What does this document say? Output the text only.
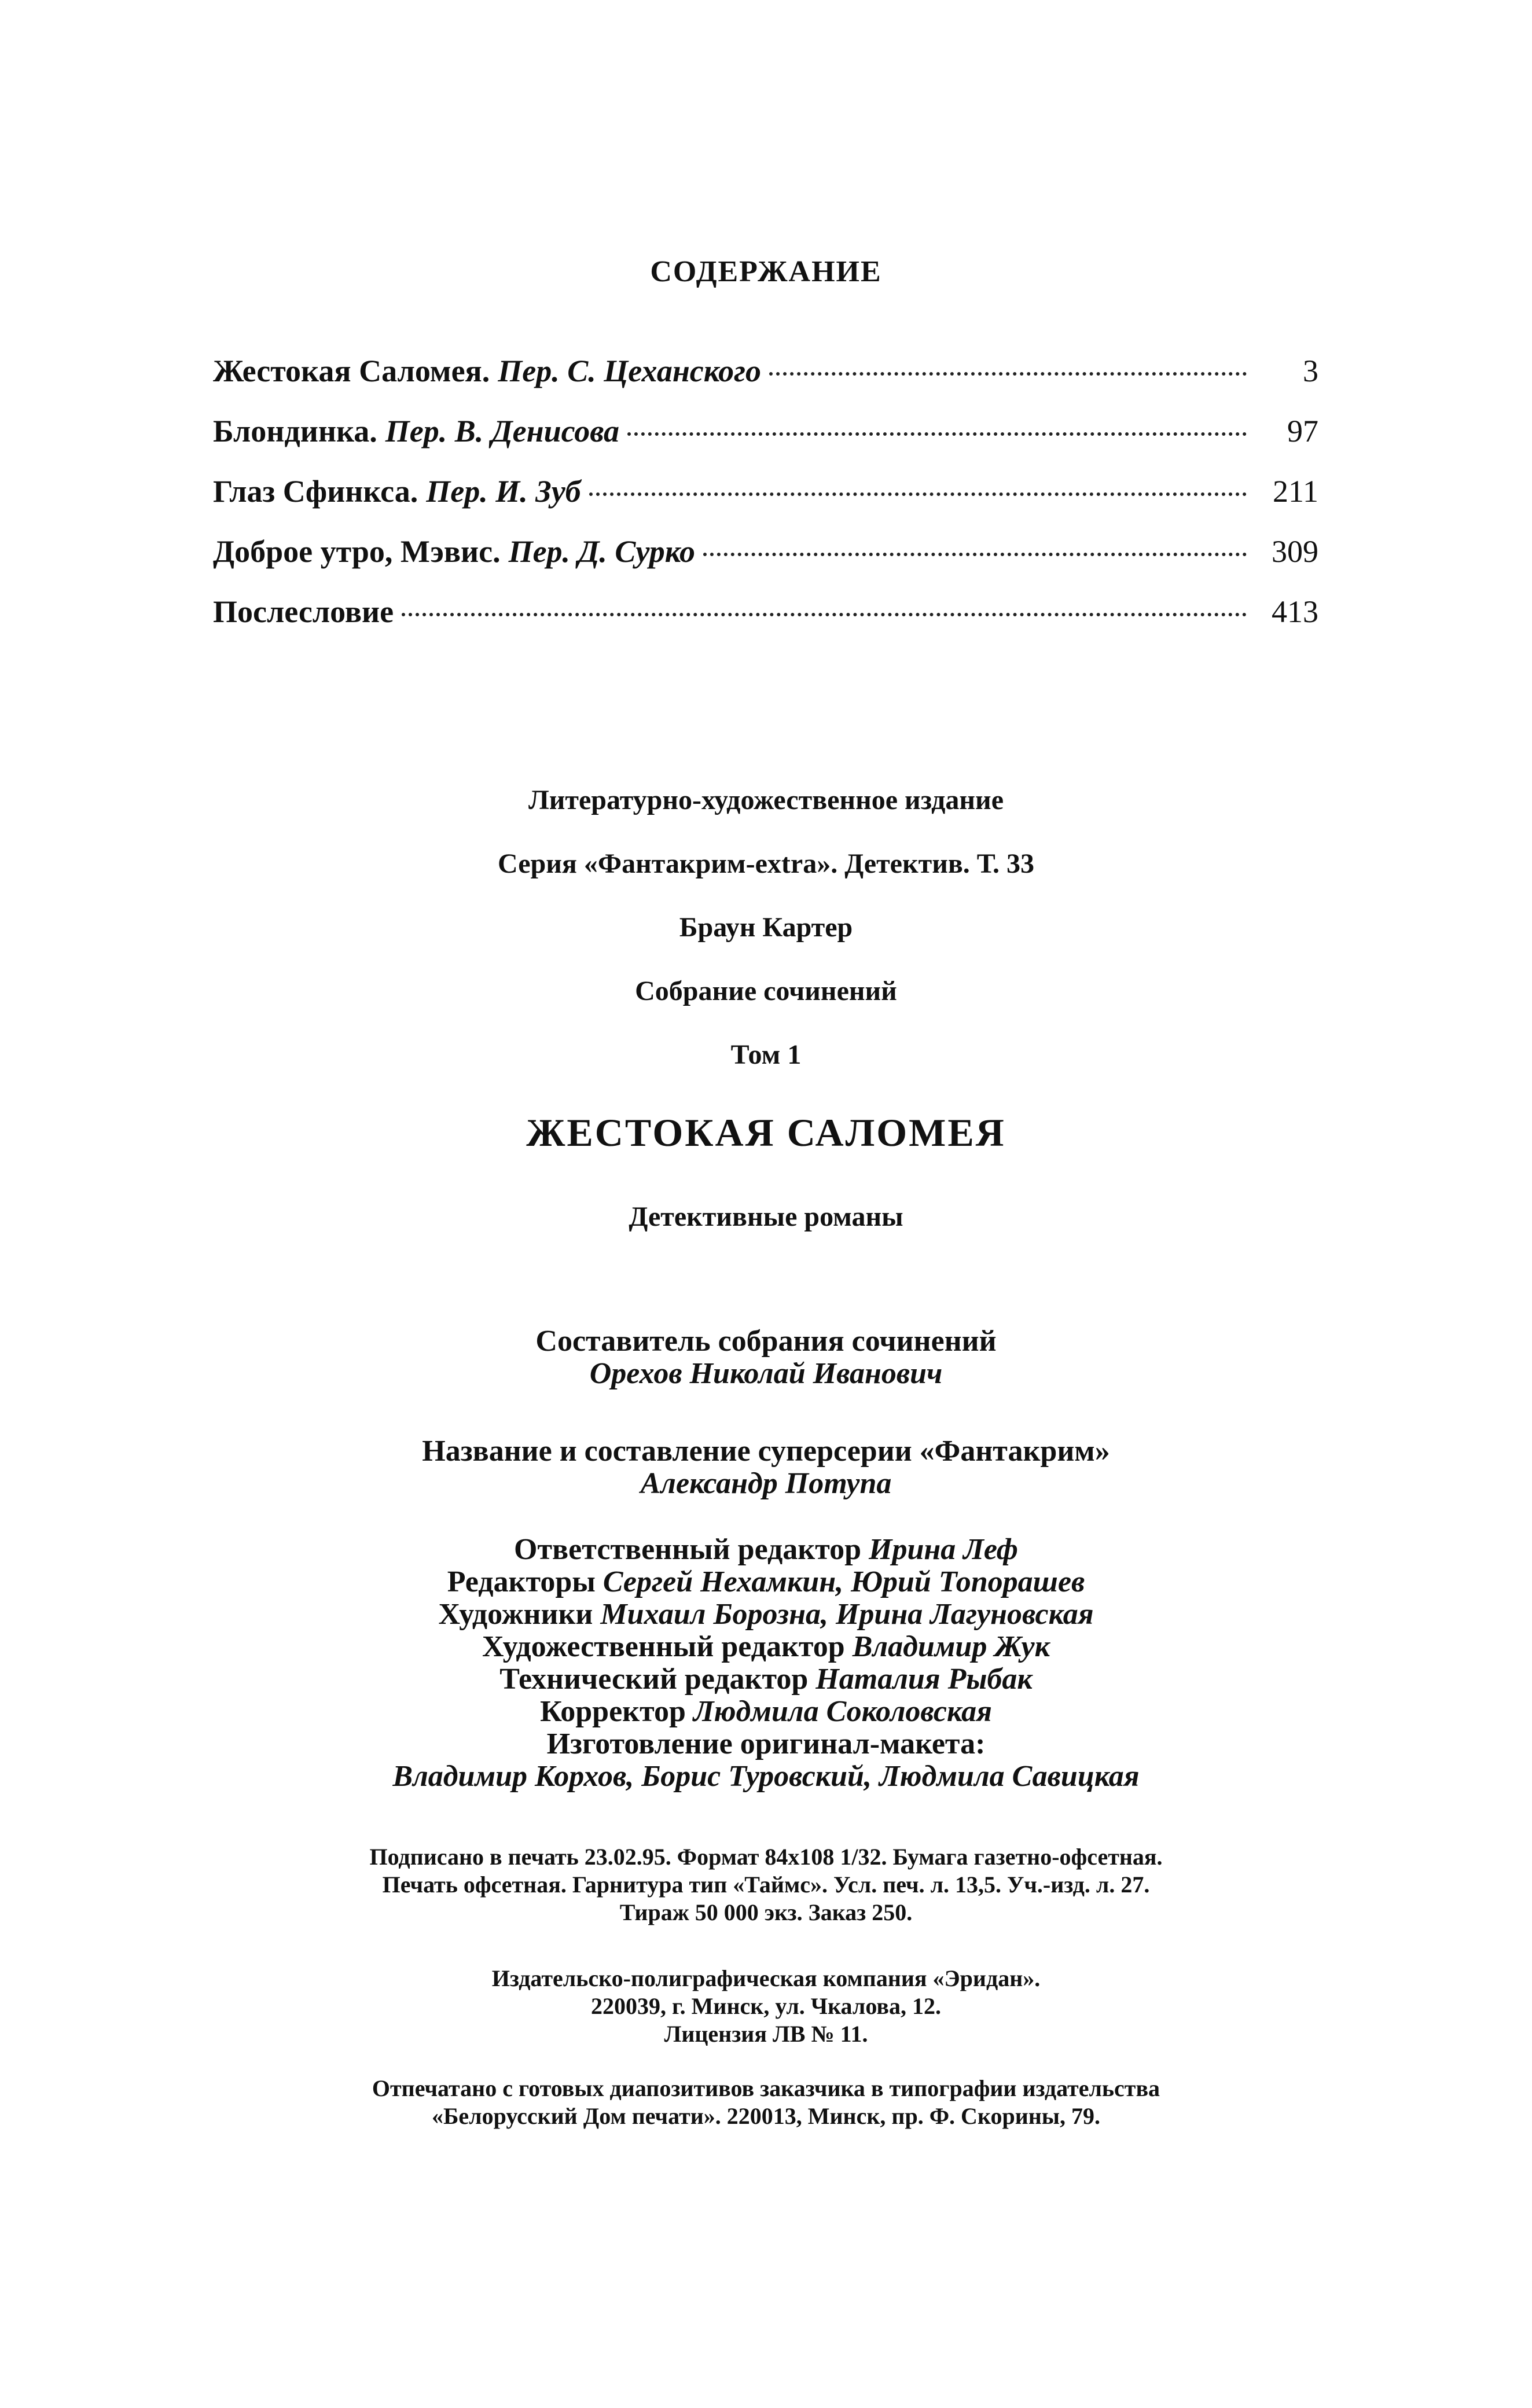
СОДЕРЖАНИЕ
Жестокая Саломея. Пер. С. Цеханского	3
Блондинка. Пер. В. Денисова	97
Глаз Сфинкса. Пер. И. Зуб	211
Доброе утро, Мэвис. Пер. Д. Сурко	309
Послесловие	413
Литературно-художественное издание
Серия «Фантакрим-extra». Детектив. Т. 33
Браун Картер
Собрание сочинений
Том 1
ЖЕСТОКАЯ САЛОМЕЯ
Детективные романы
Составитель собрания сочинений
Орехов Николай Иванович
Название и составление суперсерии «Фантакрим»
Александр Потупа
Ответственный редактор Ирина Леф
Редакторы Сергей Нехамкин, Юрий Топорашев
Художники Михаил Борозна, Ирина Лагуновская
Художественный редактор Владимир Жук
Технический редактор Наталия Рыбак
Корректор Людмила Соколовская
Изготовление оригинал-макета:
Владимир Корхов, Борис Туровский, Людмила Савицкая
Подписано в печать 23.02.95. Формат 84x108 1/32. Бумага газетно-офсетная.
Печать офсетная. Гарнитура тип «Таймс». Усл. печ. л. 13,5. Уч.-изд. л. 27.
Тираж 50 000 экз. Заказ 250.
Издательско-полиграфическая компания «Эридан».
220039, г. Минск, ул. Чкалова, 12.
Лицензия ЛВ № 11.
Отпечатано с готовых диапозитивов заказчика в типографии издательства
«Белорусский Дом печати». 220013, Минск, пр. Ф. Скорины, 79.
